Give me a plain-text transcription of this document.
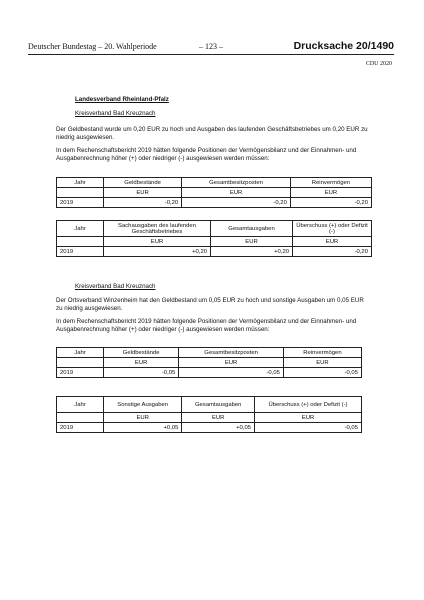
Deutscher Bundestag – 20. Wahlperiode	– 123 –	Drucksache 20/1490
CDU 2020
Landesverband Rheinland-Pfalz
Kreisverband Bad Kreuznach
Der Geldbestand wurde um 0,20 EUR zu hoch und Ausgaben des laufenden Geschäftsbetriebes um 0,20 EUR zu niedrig ausgewiesen.
In dem Rechenschaftsbericht 2019 hätten folgende Positionen der Vermögensbilanz und der Einnahmen- und Ausgabenrechnung höher (+) oder niedriger (-) ausgewiesen werden müssen:
Jahr	Geldbestände	Gesamtbesitzposten	Reinvermögen
	EUR	EUR	EUR
2019	-0,20	-0,20	-0,20
Jahr	Sachausgaben des laufenden Geschäftsbetriebes	Gesamtausgaben	Überschuss (+) oder Defizit (-)
	EUR	EUR	EUR
2019	+0,20	+0,20	-0,20
Kreisverband Bad Kreuznach
Der Ortsverband Winzenheim hat den Geldbestand um 0,05 EUR zu hoch und sonstige Ausgaben um 0,05 EUR zu niedrig ausgewiesen.
In dem Rechenschaftsbericht 2019 hätten folgende Positionen der Vermögensbilanz und der Einnahmen- und Ausgabenrechnung höher (+) oder niedriger (-) ausgewiesen werden müssen:
Jahr	Geldbestände	Gesamtbesitzposten	Reinvermögen
	EUR	EUR	EUR
2019	-0,05	-0,05	-0,05
Jahr	Sonstige Ausgaben	Gesamtausgaben	Überschuss (+) oder Defizit (-)
	EUR	EUR	EUR
2019	+0,05	+0,05	-0,05
